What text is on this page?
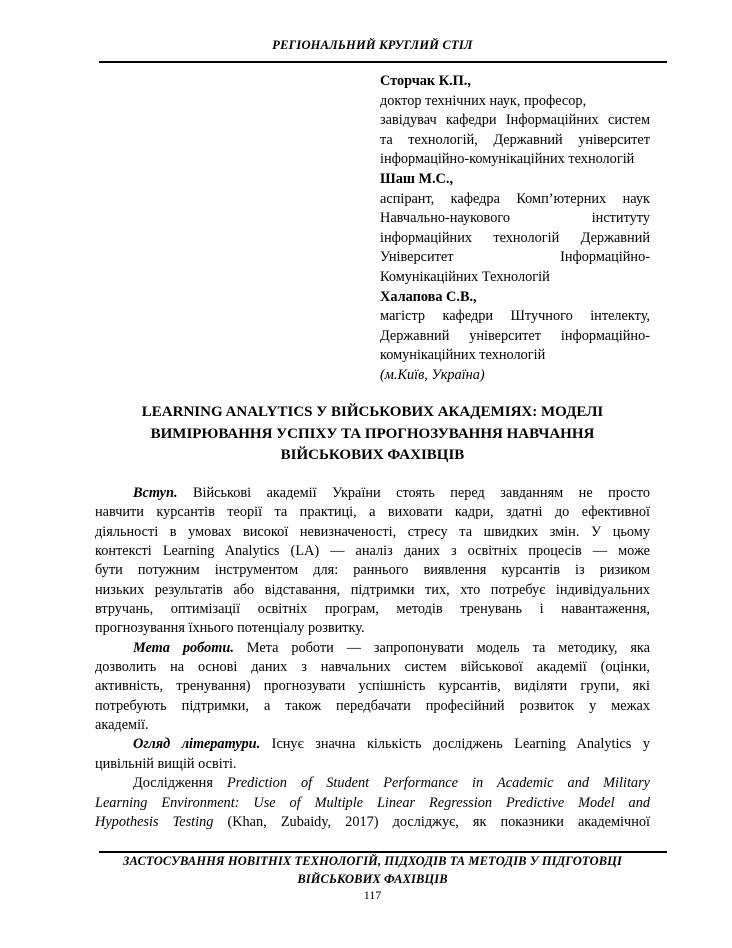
РЕГІОНАЛЬНИЙ КРУГЛИЙ СТІЛ
Сторчак К.П.,
доктор технічних наук, професор,
завідувач кафедри Інформаційних систем
та технологій, Державний університет
інформаційно-комунікаційних технологій
Шаш М.С.,
аспірант, кафедра Комп’ютерних наук
Навчально-наукового інституту
інформаційних технологій Державний
Університет Інформаційно-
Комунікаційних Технологій
Халапова С.В.,
магістр кафедри Штучного інтелекту,
Державний університет інформаційно-
комунікаційних технологій
(м.Київ, Україна)
LEARNING ANALYTICS У ВІЙСЬКОВИХ АКАДЕМІЯХ: МОДЕЛІ
ВИМІРЮВАННЯ УСПІХУ ТА ПРОГНОЗУВАННЯ НАВЧАННЯ
ВІЙСЬКОВИХ ФАХІВЦІВ
Вступ. Військові академії України стоять перед завданням не просто
навчити курсантів теорії та практиці, а виховати кадри, здатні до ефективної
діяльності в умовах високої невизначеності, стресу та швидких змін. У цьому
контексті Learning Analytics (LA) — аналіз даних з освітніх процесів — може
бути потужним інструментом для: раннього виявлення курсантів із ризиком
низьких результатів або відставання, підтримки тих, хто потребує індивідуальних
втручань, оптимізації освітніх програм, методів тренувань і навантаження,
прогнозування їхнього потенціалу розвитку.
Мета роботи. Мета роботи — запропонувати модель та методику, яка
дозволить на основі даних з навчальних систем військової академії (оцінки,
активність, тренування) прогнозувати успішність курсантів, виділяти групи, які
потребують підтримки, а також передбачати професійний розвиток у межах
академії.
Огляд літератури. Існує значна кількість досліджень Learning Analytics у
цивільній вищій освіті.
Дослідження Prediction of Student Performance in Academic and Military
Learning Environment: Use of Multiple Linear Regression Predictive Model and
Hypothesis Testing (Khan, Zubaidy, 2017) досліджує, як показники академічної
ЗАСТОСУВАННЯ НОВІТНІХ ТЕХНОЛОГІЙ, ПІДХОДІВ ТА МЕТОДІВ У ПІДГОТОВЦІ
ВІЙСЬКОВИХ ФАХІВЦІВ
117
